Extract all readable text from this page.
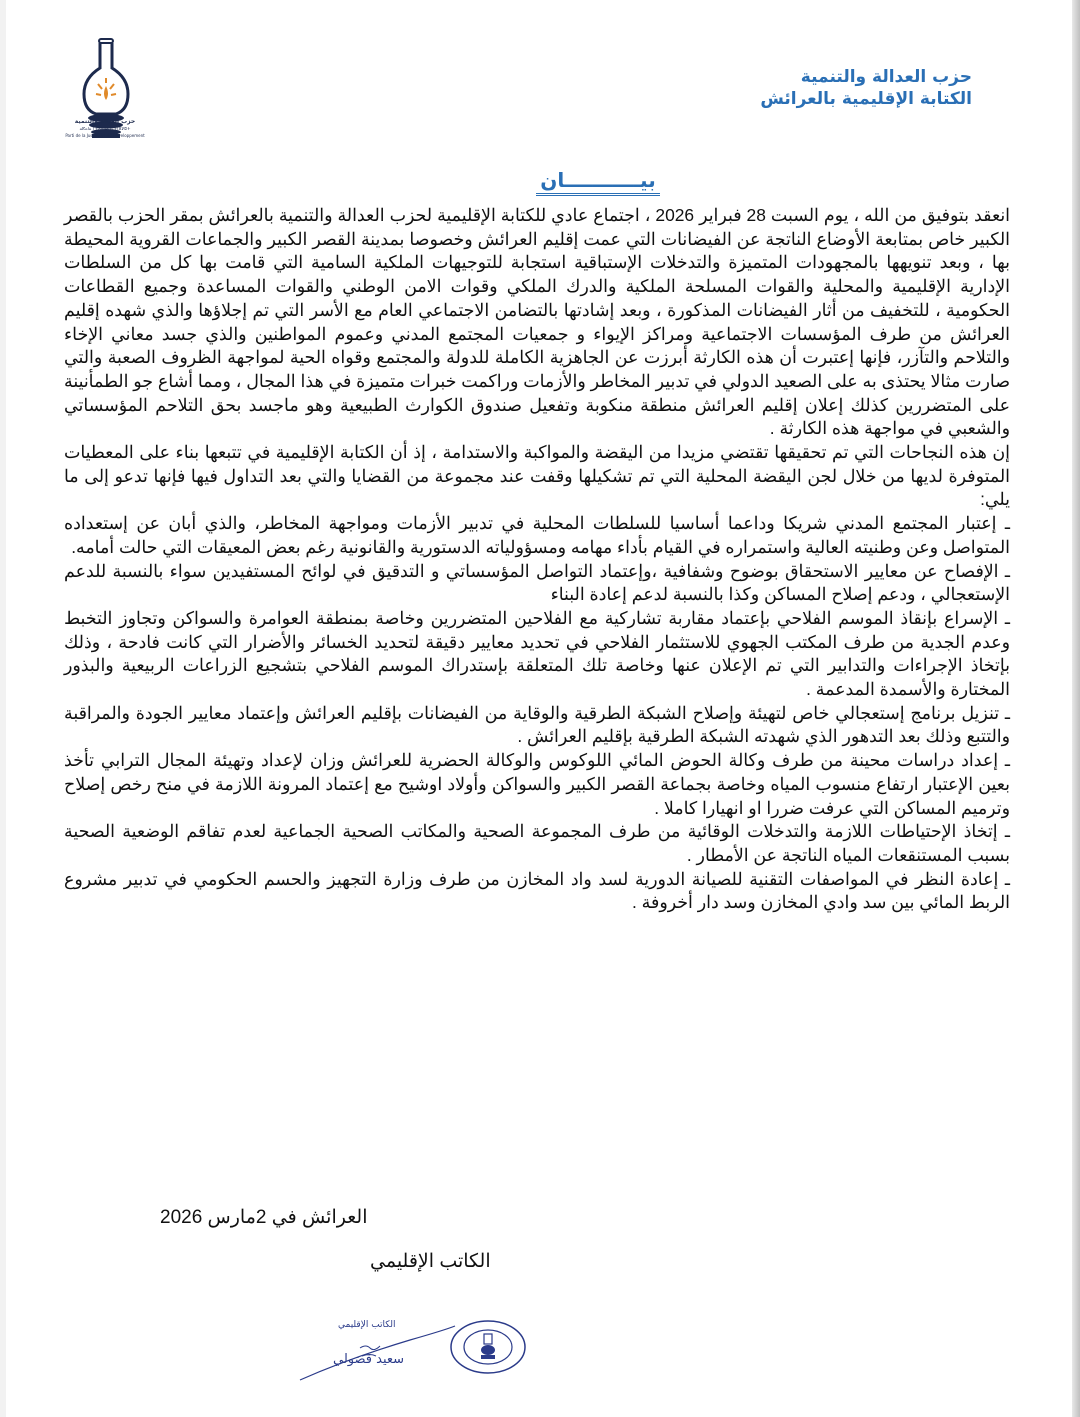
حزب العدالة والتنمية
ⴰⴽⴰⵏⴰ ⵏ ⵜⵓⴳⴷⴰ ⴷ ⵜⵏⴼⵍⵉⵜ
Parti de la Justice et du Développement
حزب العدالة والتنمية
الكتابة الإقليمية بالعرائش
بيـــــــــــان

انعقد بتوفيق من الله ، يوم السبت 28 فبراير 2026 ، اجتماع عادي للكتابة الإقليمية لحزب العدالة والتنمية بالعرائش بمقر الحزب بالقصر الكبير خاص بمتابعة الأوضاع الناتجة عن الفيضانات التي عمت إقليم العرائش وخصوصا بمدينة القصر الكبير والجماعات القروية المحيطة بها ، وبعد تنويهها بالمجهودات المتميزة والتدخلات الإستباقية استجابة للتوجيهات الملكية السامية التي قامت بها كل من السلطات الإدارية الإقليمية والمحلية والقوات المسلحة الملكية والدرك الملكي وقوات الامن الوطني والقوات المساعدة وجميع القطاعات الحكومية ، للتخفيف من أثار الفيضانات المذكورة ، وبعد إشادتها بالتضامن الاجتماعي العام مع الأسر التي تم إجلاؤها والذي شهده إقليم العرائش من طرف المؤسسات الاجتماعية ومراكز الإيواء و جمعيات المجتمع المدني وعموم المواطنين والذي جسد معاني الإخاء والتلاحم والتآزر، فإنها إعتبرت أن هذه الكارثة أبرزت عن الجاهزية الكاملة للدولة والمجتمع وقواه الحية لمواجهة الظروف الصعبة والتي صارت مثالا يحتذى به على الصعيد الدولي في تدبير المخاطر والأزمات وراكمت خبرات متميزة في هذا المجال ، ومما أشاع جو الطمأنينة على المتضررين كذلك إعلان إقليم العرائش منطقة منكوبة وتفعيل صندوق الكوارث الطبيعية وهو ماجسد بحق التلاحم المؤسساتي والشعبي في مواجهة هذه الكارثة .

إن هذه النجاحات التي تم تحقيقها تقتضي مزيدا من اليقضة والمواكبة والاستدامة ، إذ أن الكتابة الإقليمية في تتبعها بناء على المعطيات المتوفرة لديها من خلال لجن اليقضة المحلية التي تم تشكيلها وقفت عند مجموعة من القضايا والتي بعد التداول فيها فإنها تدعو إلى ما يلي:

ـ إعتبار المجتمع المدني شريكا وداعما أساسيا للسلطات المحلية في تدبير الأزمات ومواجهة المخاطر، والذي أبان عن إستعداده المتواصل وعن وطنيته العالية واستمراره في القيام بأداء مهامه ومسؤولياته الدستورية والقانونية رغم بعض المعيقات التي حالت أمامه.

ـ الإفصاح عن معايير الاستحقاق بوضوح وشفافية ،وإعتماد التواصل المؤسساتي و التدقيق في لوائح المستفيدين سواء بالنسبة للدعم الإستعجالي ، ودعم إصلاح المساكن وكذا بالنسبة لدعم إعادة البناء

ـ الإسراع بإنقاذ الموسم الفلاحي بإعتماد مقاربة تشاركية مع الفلاحين المتضررين وخاصة بمنطقة العوامرة والسواكن وتجاوز التخبط وعدم الجدية من طرف المكتب الجهوي للاستثمار الفلاحي في تحديد معايير دقيقة لتحديد الخسائر والأضرار التي كانت فادحة ، وذلك بإتخاذ الإجراءات والتدابير التي تم الإعلان عنها وخاصة تلك المتعلقة بإستدراك الموسم الفلاحي بتشجيع الزراعات الربيعية والبذور المختارة والأسمدة المدعمة .

ـ تنزيل برنامج إستعجالي خاص لتهيئة وإصلاح الشبكة الطرقية والوقاية من الفيضانات بإقليم العرائش وإعتماد معايير الجودة والمراقبة والتتبع وذلك بعد التدهور الذي شهدته الشبكة الطرقية بإقليم العرائش .

ـ إعداد دراسات محينة من طرف وكالة الحوض المائي اللوكوس والوكالة الحضرية للعرائش وزان لإعداد وتهيئة المجال الترابي تأخذ بعين الإعتبار ارتفاع منسوب المياه وخاصة بجماعة القصر الكبير والسواكن وأولاد اوشيح مع إعتماد المرونة اللازمة في منح رخص إصلاح وترميم المساكن التي عرفت ضررا او انهيارا كاملا .

ـ إتخاذ الإحتياطات اللازمة والتدخلات الوقائية من طرف المجموعة الصحية والمكاتب الصحية الجماعية لعدم تفاقم الوضعية الصحية بسبب المستنقعات المياه الناتجة عن الأمطار .

ـ إعادة النظر في المواصفات التقنية للصيانة الدورية لسد واد المخازن من طرف وزارة التجهيز والحسم الحكومي في تدبير مشروع الربط المائي بين سد وادي المخازن وسد دار أخروفة .

العرائش في 2مارس 2026
الكاتب الإقليمي
الكاتب الإقليمي
سعيد قضولي
